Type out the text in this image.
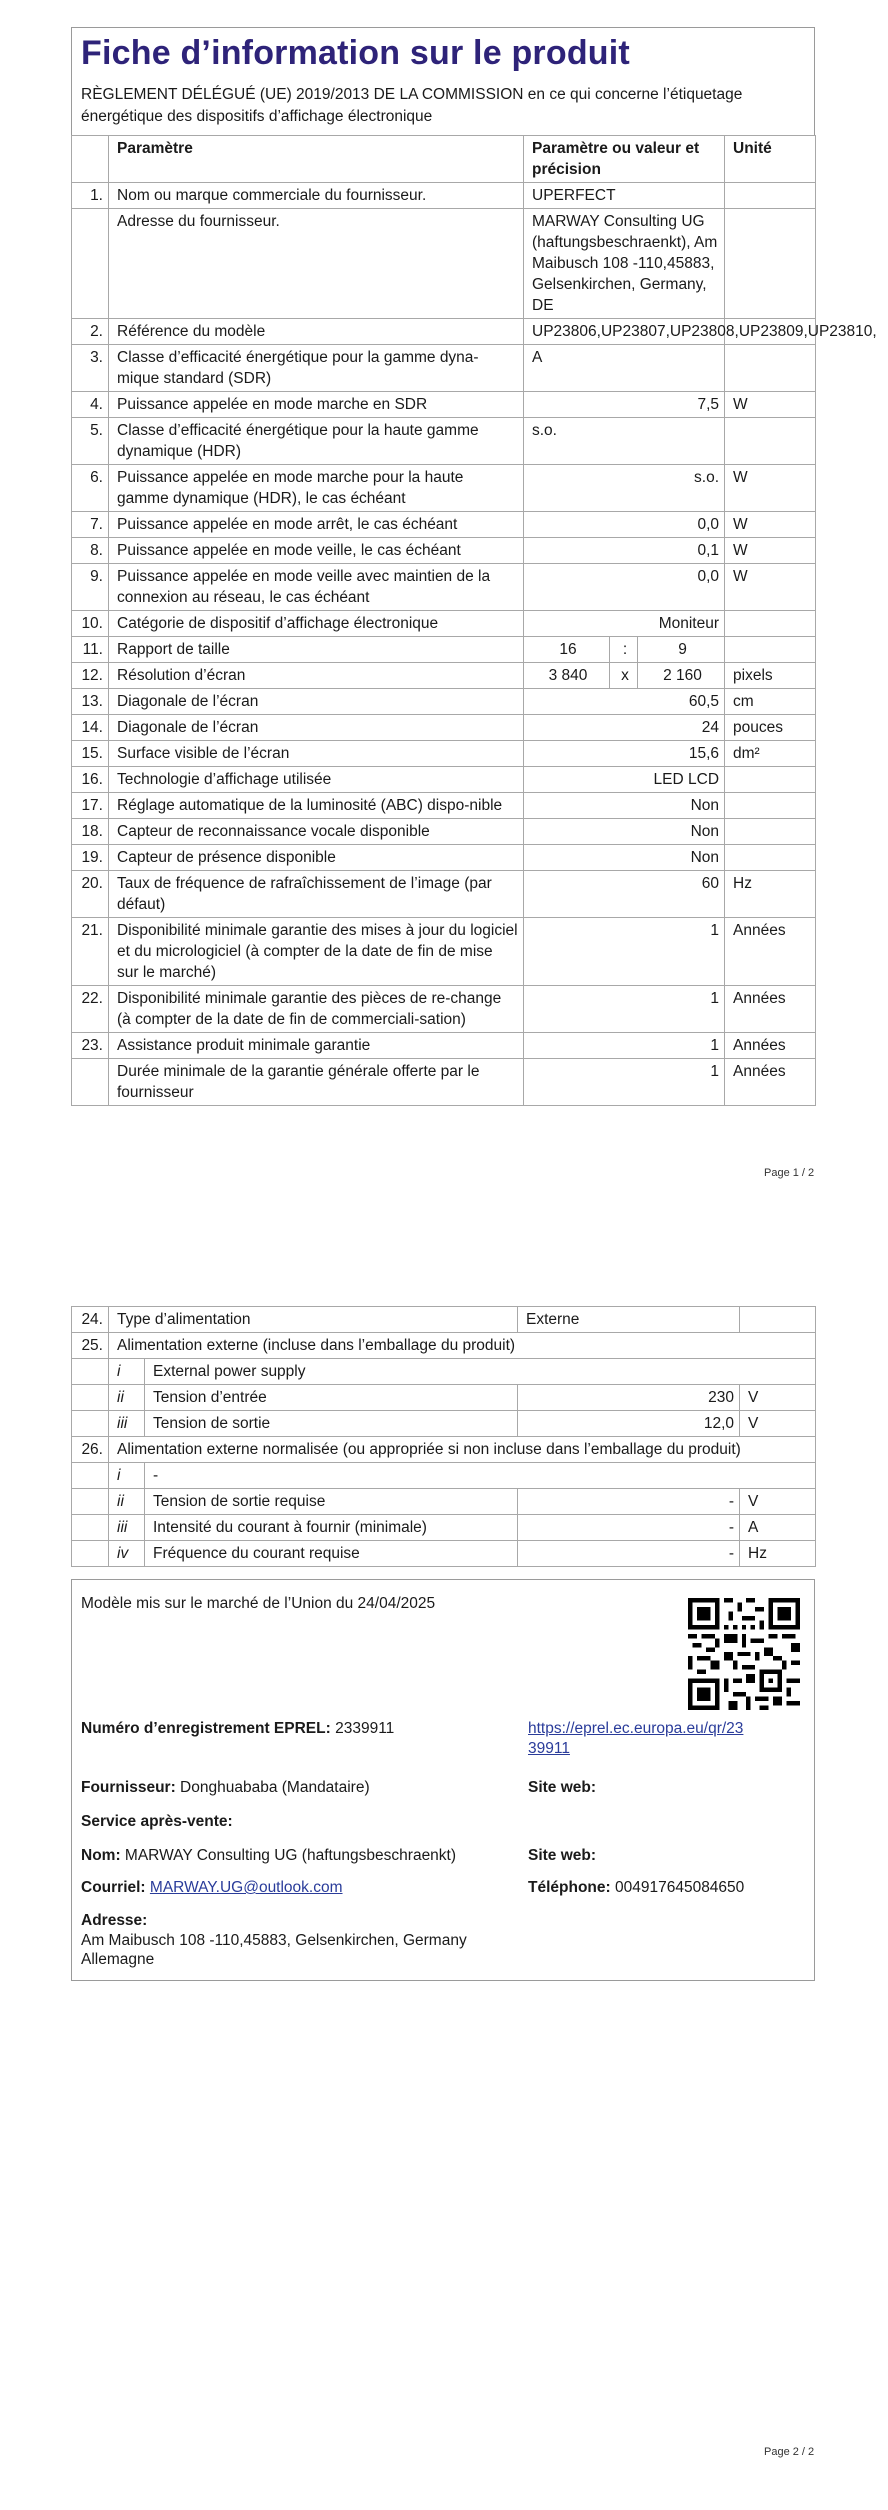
Fiche d’information sur le produit
RÈGLEMENT DÉLÉGUÉ (UE) 2019/2013 DE LA COMMISSION en ce qui concerne l’étiquetage énergétique des dispositifs d’affichage électronique
	Paramètre	Paramètre ou valeur et précision			Unité
1.	Nom ou marque commerciale du fournisseur.	UPERFECT			
	Adresse du fournisseur.	MARWAY Consulting UG (haftungsbeschraenkt), Am Maibusch 108 -110,45883, Gelsenkirchen, Germany, DE			
2.	Référence du modèle	UP23806,UP23807,UP23808,UP23809,UP23810,			
3.	Classe d’efficacité énergétique pour la gamme dyna-mique standard (SDR)	A			
4.	Puissance appelée en mode marche en SDR	7,5			W
5.	Classe d’efficacité énergétique pour la haute gamme dynamique (HDR)	s.o.			
6.	Puissance appelée en mode marche pour la haute gamme dynamique (HDR), le cas échéant	s.o.			W
7.	Puissance appelée en mode arrêt, le cas échéant	0,0			W
8.	Puissance appelée en mode veille, le cas échéant	0,1			W
9.	Puissance appelée en mode veille avec maintien de la connexion au réseau, le cas échéant	0,0			W
10.	Catégorie de dispositif d’affichage électronique	Moniteur			
11.	Rapport de taille	16	:	9	
12.	Résolution d’écran	3 840	x	2 160	pixels
13.	Diagonale de l’écran	60,5			cm
14.	Diagonale de l’écran	24			pouces
15.	Surface visible de l’écran	15,6			dm²
16.	Technologie d’affichage utilisée	LED LCD			
17.	Réglage automatique de la luminosité (ABC) dispo-nible	Non			
18.	Capteur de reconnaissance vocale disponible	Non			
19.	Capteur de présence disponible	Non			
20.	Taux de fréquence de rafraîchissement de l’image (par défaut)	60			Hz
21.	Disponibilité minimale garantie des mises à jour du logiciel et du micrologiciel (à compter de la date de fin de mise sur le marché)	1			Années
22.	Disponibilité minimale garantie des pièces de re-change (à compter de la date de fin de commerciali-sation)	1			Années
23.	Assistance produit minimale garantie	1			Années
	Durée minimale de la garantie générale offerte par le fournisseur	1			Années
Page 1 / 2
24.	Type d’alimentation		Externe	
25.	Alimentation externe (incluse dans l’emballage du produit)			
	i	External power supply		
	ii	Tension d’entrée	230	V
	iii	Tension de sortie	12,0	V
26.	Alimentation externe normalisée (ou appropriée si non incluse dans l’emballage du produit)			
	i	-		
	ii	Tension de sortie requise	-	V
	iii	Intensité du courant à fournir (minimale)	-	A
	iv	Fréquence du courant requise	-	Hz
Page 2 / 2
Modèle mis sur le marché de l’Union du 24/04/2025
Numéro d’enregistrement EPREL: 2339911	https://eprel.ec.europa.eu/qr/23
39911
Fournisseur: Donghuababa (Mandataire)	Site web:
Service après-vente:
Nom: MARWAY Consulting UG (haftungsbeschraenkt)	Site web:
Courriel: MARWAY.UG@outlook.com	Téléphone: 004917645084650
Adresse:
Am Maibusch 108 -110,45883, Gelsenkirchen, Germany
Allemagne
